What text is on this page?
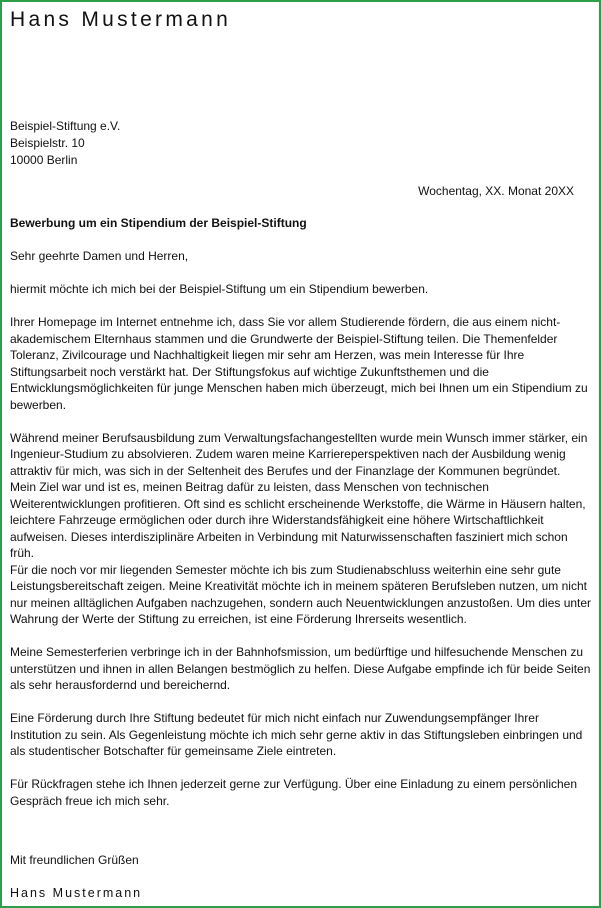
Hans Mustermann
Beispiel-Stiftung e.V.
Beispielstr. 10
10000 Berlin
Wochentag, XX. Monat 20XX
Bewerbung um ein Stipendium der Beispiel-Stiftung

Sehr geehrte Damen und Herren,

hiermit möchte ich mich bei der Beispiel-Stiftung um ein Stipendium bewerben.

Ihrer Homepage im Internet entnehme ich, dass Sie vor allem Studierende fördern, die aus einem nicht-akademischem Elternhaus stammen und die Grundwerte der Beispiel-Stiftung teilen. Die Themenfelder Toleranz, Zivilcourage und Nachhaltigkeit liegen mir sehr am Herzen, was mein Interesse für Ihre Stiftungsarbeit noch verstärkt hat. Der Stiftungsfokus auf wichtige Zukunftsthemen und die Entwicklungsmöglichkeiten für junge Menschen haben mich überzeugt, mich bei Ihnen um ein Stipendium zu bewerben.

Während meiner Berufsausbildung zum Verwaltungsfachangestellten wurde mein Wunsch immer stärker, ein Ingenieur-Studium zu absolvieren. Zudem waren meine Karriereperspektiven nach der Ausbildung wenig attraktiv für mich, was sich in der Seltenheit des Berufes und der Finanzlage der Kommunen begründet.

Mein Ziel war und ist es, meinen Beitrag dafür zu leisten, dass Menschen von technischen Weiterentwicklungen profitieren. Oft sind es schlicht erscheinende Werkstoffe, die Wärme in Häusern halten, leichtere Fahrzeuge ermöglichen oder durch ihre Widerstandsfähigkeit eine höhere Wirtschaftlichkeit aufweisen. Dieses interdisziplinäre Arbeiten in Verbindung mit Naturwissenschaften fasziniert mich schon früh.

Für die noch vor mir liegenden Semester möchte ich bis zum Studienabschluss weiterhin eine sehr gute Leistungsbereitschaft zeigen. Meine Kreativität möchte ich in meinem späteren Berufsleben nutzen, um nicht nur meinen alltäglichen Aufgaben nachzugehen, sondern auch Neuentwicklungen anzustoßen. Um dies unter Wahrung der Werte der Stiftung zu erreichen, ist eine Förderung Ihrerseits wesentlich.

Meine Semesterferien verbringe ich in der Bahnhofsmission, um bedürftige und hilfesuchende Menschen zu unterstützen und ihnen in allen Belangen bestmöglich zu helfen. Diese Aufgabe empfinde ich für beide Seiten als sehr herausfordernd und bereichernd.

Eine Förderung durch Ihre Stiftung bedeutet für mich nicht einfach nur Zuwendungsempfänger Ihrer Institution zu sein. Als Gegenleistung möchte ich mich sehr gerne aktiv in das Stiftungsleben einbringen und als studentischer Botschafter für gemeinsame Ziele eintreten.

Für Rückfragen stehe ich Ihnen jederzeit gerne zur Verfügung. Über eine Einladung zu einem persönlichen Gespräch freue ich mich sehr.

Mit freundlichen Grüßen
Hans Mustermann
